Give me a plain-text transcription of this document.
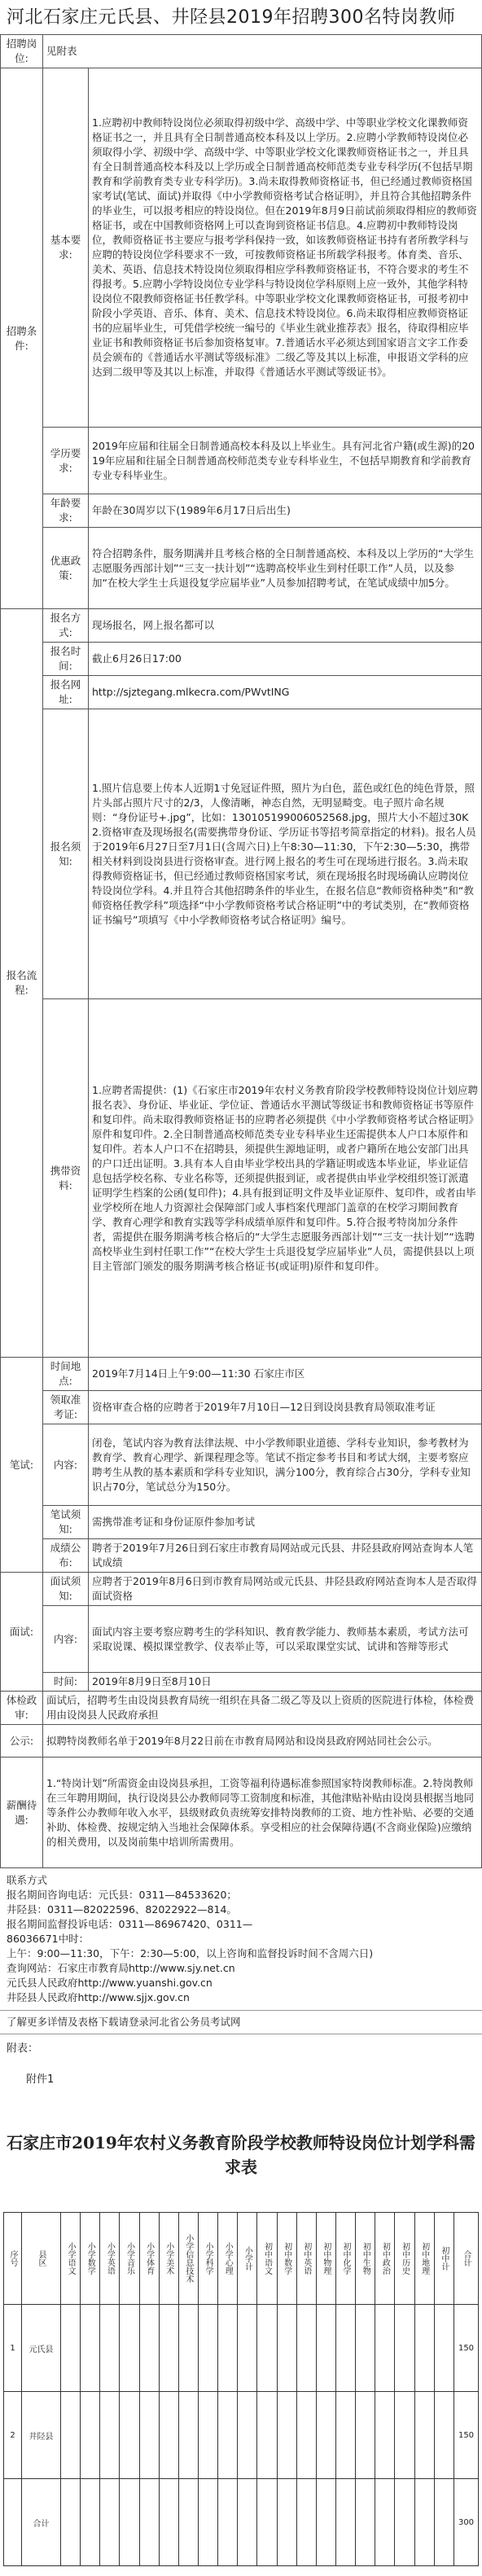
河北石家庄元氏县、井陉县2019年招聘300名特岗教师
招聘岗位:	见附表	
招聘条件:	基本要求:	1.应聘初中教师特设岗位必须取得初级中学、高级中学、中等职业学校文化课教师资格证书之一，并且具有全日制普通高校本科及以上学历。2.应聘小学教师特设岗位必须取得小学、初级中学、高级中学、中等职业学校文化课教师资格证书之一，并且具有全日制普通高校本科及以上学历或全日制普通高校师范类专业专科学历(不包括早期教育和学前教育类专业专科学历)。3.尚未取得教师资格证书，但已经通过教师资格国家考试(笔试、面试)并取得《中小学教师资格考试合格证明》，并且符合其他招聘条件的毕业生，可以报考相应的特设岗位。但在2019年8月9日前试前须取得相应的教师资格证书，或在中国教师资格网上可以查询到资格证书信息。4.应聘初中教师特设岗位，教师资格证书主要应与报考学科保持一致，如该教师资格证书持有者所教学科与应聘的特设岗位学科要求不一致，可按教师资格证书所载学科报考。体育类、音乐、美术、英语、信息技术特设岗位须取得相应学科教师资格证书，不符合要求的考生不得报考。5.应聘小学特设岗位专业学科与特设岗位学科原则上应一致外，其他学科特设岗位不限教师资格证书任教学科。中等职业学校文化课教师资格证书，可报考初中阶段小学英语、音乐、体育、美术、信息技术特设岗位。6.尚未取得相应教师资格证书的应届毕业生，可凭借学校统一编号的《毕业生就业推荐表》报名，待取得相应毕业证书和教师资格证书后参加资格复审。7.普通话水平必须达到国家语言文字工作委员会颁布的《普通话水平测试等级标准》二级乙等及其以上标准，申报语文学科的应达到二级甲等及其以上标准，并取得《普通话水平测试等级证书》。
	学历要求:	2019年应届和往届全日制普通高校本科及以上毕业生。具有河北省户籍(或生源)的2019年应届和往届全日制普通高校师范类专业专科毕业生，不包括早期教育和学前教育专业专科毕业生。
	年龄要求:	年龄在30周岁以下(1989年6月17日后出生)
	优惠政策:	符合招聘条件，服务期满并且考核合格的全日制普通高校、本科及以上学历的“大学生志愿服务西部计划”“三支一扶计划”“选聘高校毕业生到村任职工作”人员，以及参加“在校大学生士兵退役复学应届毕业”人员参加招聘考试，在笔试成绩中加5分。
报名流程:	报名方式:	现场报名，网上报名都可以
	报名时间:	截止6月26日17:00
	报名网址:	http://sjztegang.mlkecra.com/PWvtING
	报名须知:	1.照片信息要上传本人近期1寸免冠证件照，照片为白色，蓝色或红色的纯色背景，照片头部占照片尺寸的2/3，人像清晰，神态自然，无明显畸变。电子照片命名规则：“身份证号+.jpg”，比如：130105199006052568.jpg，照片大小不超过30K 2.资格审查及现场报名(需要携带身份证、学历证书等招考简章指定的材料)。报名人员于2019年6月27日至7月1日(含周六日)上午8:30—11:30，下午2:30—5:30，携带相关材料到设岗县进行资格审查。进行网上报名的考生可在现场进行报名。3.尚未取得教师资格证书，但已经通过教师资格国家考试，须在现场报名时现场确认应聘岗位特设岗位学科。4.并且符合其他招聘条件的毕业生，在报名信息“教师资格种类”和“教师资格任教学科”项选择“中小学教师资格考试合格证明”中的考试类别，在“教师资格证书编号”项填写《中小学教师资格考试合格证明》编号。
	携带资料:	1.应聘者需提供：(1)《石家庄市2019年农村义务教育阶段学校教师特设岗位计划应聘报名表》、身份证、毕业证、学位证、普通话水平测试等级证书和教师资格证书等原件和复印件。尚未取得教师资格证书的应聘者必须提供《中小学教师资格考试合格证明》原件和复印件。2.全日制普通高校师范类专业专科毕业生还需提供本人户口本原件和复印件。若本人户口不在招聘县，须提供生源地证明，或者户籍所在地公安部门出具的户口迁出证明。3.具有本人自由毕业学校出具的学籍证明或选本毕业证，毕业证信息包括学校名称、专业名称等，还须提供报到证，或者提供由毕业学校组织签订派遣证明学生档案的公函(复印件)；4.具有报到证明文件及毕业证原件、复印件，或者由毕业学校所在地人力资源社会保障部门或人事档案代理部门盖章的在校学习期间教育学、教育心理学和教育实践等学科成绩单原件和复印件。5.符合报考特岗加分条件者，需提供在服务期满考核合格后的“大学生志愿服务西部计划”“三支一扶计划”“选聘高校毕业生到村任职工作”“在校大学生士兵退役复学应届毕业”人员，需提供县以上项目主管部门颁发的服务期满考核合格证书(或证明)原件和复印件。
笔试:	时间地点:	2019年7月14日上午9:00—11:30 石家庄市区
	领取准考证:	资格审查合格的应聘者于2019年7月10日—12日到设岗县教育局领取准考证
	内容:	闭卷，笔试内容为教育法律法规、中小学教师职业道德、学科专业知识，参考教材为教育学、教育心理学、新课程理念等。笔试不指定参考书目和考试大纲，主要考察应聘考生从教的基本素质和学科专业知识，满分100分，教育综合占30分，学科专业知识占70分，笔试总分为150分。
	笔试须知:	需携带准考证和身份证原件参加考试
	成绩公布:	聘者于2019年7月26日到石家庄市教育局网站或元氏县、井陉县政府网站查询本人笔试成绩
面试:	面试须知:	应聘者于2019年8月6日到市教育局网站或元氏县、井陉县政府网站查询本人是否取得面试资格
	内容:	面试内容主要考察应聘考生的学科知识、教育教学能力、教师基本素质，考试方法可采取说课、模拟课堂教学、仪表举止等，可以采取课堂实试、试讲和答辩等形式
	时间:	2019年8月9日至8月10日
体检政审:	面试后，招聘考生由设岗县教育局统一组织在具备二级乙等及以上资质的医院进行体检，体检费用由设岗县人民政府承担	
公示:	拟聘特岗教师名单于2019年8月22日前在市教育局网站和设岗县政府网站同社会公示。	
薪酬待遇:	1.“特岗计划”所需资金由设岗县承担，工资等福利待遇标准参照国家特岗教师标准。2.特岗教师在三年聘用期间，执行设岗县公办教师同等工资制度和标准，其他津贴补贴由设岗县根据当地同等条件公办教师年收入水平，县级财政负责统筹安排特岗教师的工资、地方性补贴、必要的交通补助、体检费、按规定纳入当地社会保障体系。享受相应的社会保障待遇(不含商业保险)应缴纳的相关费用，以及岗前集中培训所需费用。	
联系方式
报名期间咨询电话：元氏县：0311—84533620；
井陉县：0311—82022596、82022922—814。
报名期间监督投诉电话：0311—86967420、0311—
86036671中时：
上午：9:00—11:30，下午：2:30—5:00，以上咨询和监督投诉时间不含周六日)
查询网站：石家庄市教育局http://www.sjy.net.cn
元氏县人民政府http://www.yuanshi.gov.cn
井陉县人民政府http://www.sjjx.gov.cn
了解更多详情及表格下载请登录河北省公务员考试网
附表：
附件1
石家庄市2019年农村义务教育阶段学校教师特设岗位计划学科需求表
序号	县区	小学语文	小学数学	小学英语	小学音乐	小学体育	小学美术	小学信息技术	小学科学	小学心理	小学计	初中语文	初中数学	初中英语	初中物理	初中化学	初中生物	初中政治	初中历史	初中地理	初中计	合计
1	元氏县																					150
2	井陉县																					150
	合计																					300
